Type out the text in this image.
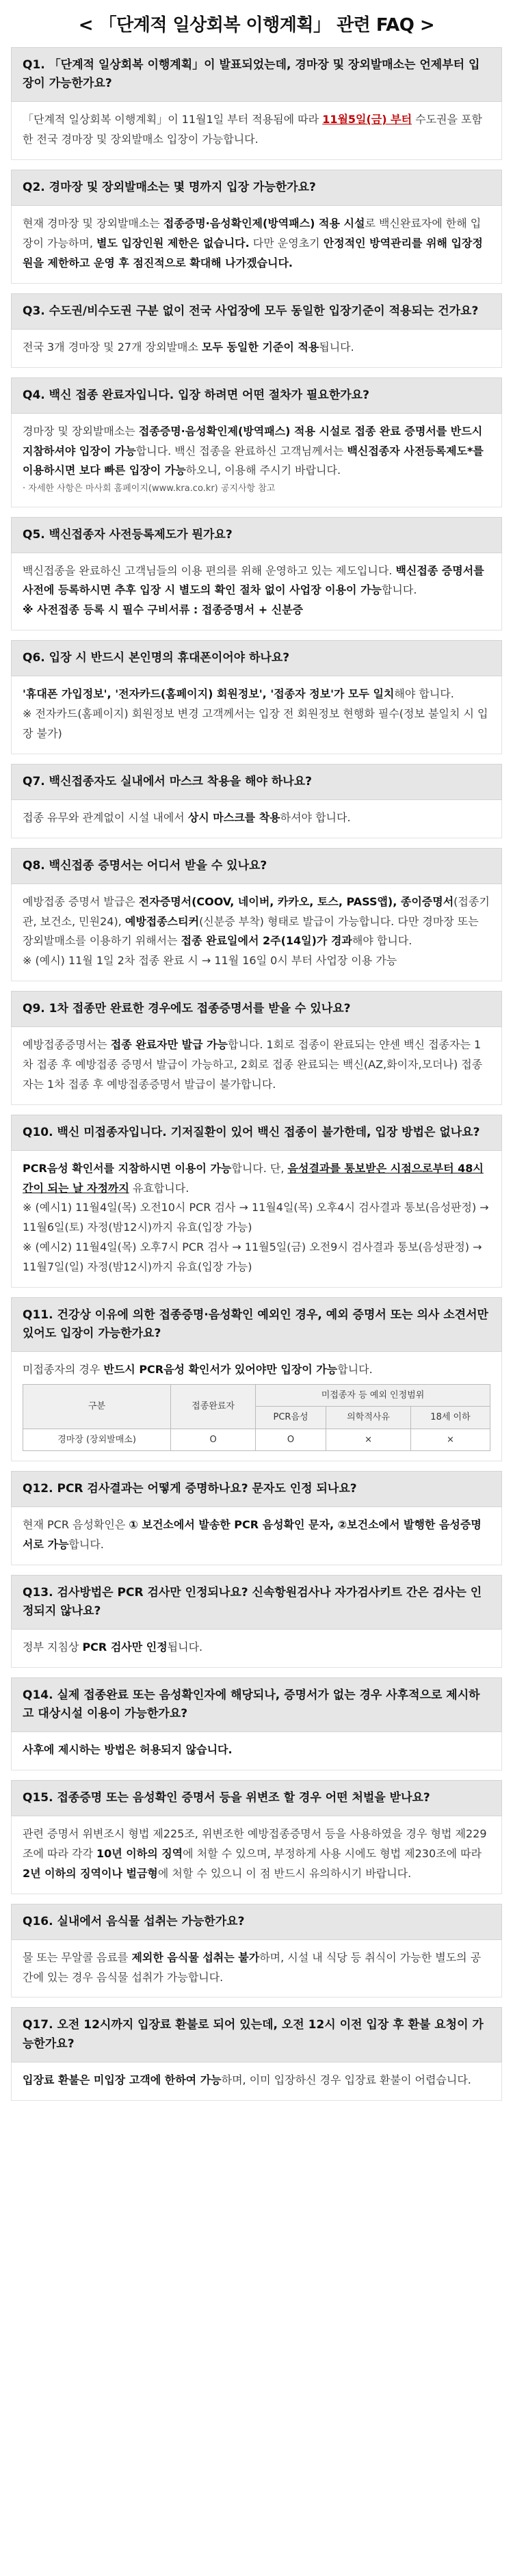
< 「단계적 일상회복 이행계획」 관련 FAQ >
Q1. 「단계적 일상회복 이행계획」이 발표되었는데, 경마장 및 장외발매소는 언제부터 입장이 가능한가요?

「단계적 일상회복 이행계획」이 11월1일 부터 적용됨에 따라 11월5일(금) 부터 수도권을 포함한 전국 경마장 및 장외발매소 입장이 가능합니다.

Q2. 경마장 및 장외발매소는 몇 명까지 입장 가능한가요?

현재 경마장 및 장외발매소는 접종증명·음성확인제(방역패스) 적용 시설로 백신완료자에 한해 입장이 가능하며, 별도 입장인원 제한은 없습니다. 다만 운영초기 안정적인 방역관리를 위해 입장정원을 제한하고 운영 후 점진적으로 확대해 나가겠습니다.

Q3. 수도권/비수도권 구분 없이 전국 사업장에 모두 동일한 입장기준이 적용되는 건가요?

전국 3개 경마장 및 27개 장외발매소 모두 동일한 기준이 적용됩니다.

Q4. 백신 접종 완료자입니다. 입장 하려면 어떤 절차가 필요한가요?

경마장 및 장외발매소는 접종증명·음성확인제(방역패스) 적용 시설로 접종 완료 증명서를 반드시 지참하셔야 입장이 가능합니다. 백신 접종을 완료하신 고객님께서는 백신접종자 사전등록제도*를 이용하시면 보다 빠른 입장이 가능하오니, 이용해 주시기 바랍니다.

· 자세한 사항은 마사회 홈페이지(www.kra.co.kr) 공지사항 참고

Q5. 백신접종자 사전등록제도가 뭔가요?

백신접종을 완료하신 고객님들의 이용 편의를 위해 운영하고 있는 제도입니다. 백신접종 증명서를 사전에 등록하시면 추후 입장 시 별도의 확인 절차 없이 사업장 이용이 가능합니다.

※ 사전접종 등록 시 필수 구비서류 : 접종증명서 + 신분증

Q6. 입장 시 반드시 본인명의 휴대폰이어야 하나요?

'휴대폰 가입정보', '전자카드(홈페이지) 회원정보', '접종자 정보'가 모두 일치해야 합니다.

※ 전자카드(홈페이지) 회원정보 변경 고객께서는 입장 전 회원정보 현행화 필수(정보 불일치 시 입장 불가)

Q7. 백신접종자도 실내에서 마스크 착용을 해야 하나요?

접종 유무와 관계없이 시설 내에서 상시 마스크를 착용하셔야 합니다.

Q8. 백신접종 증명서는 어디서 받을 수 있나요?

예방접종 증명서 발급은 전자증명서(COOV, 네이버, 카카오, 토스, PASS앱), 종이증명서(접종기관, 보건소, 민원24), 예방접종스티커(신분증 부착) 형태로 발급이 가능합니다. 다만 경마장 또는 장외발매소를 이용하기 위해서는 접종 완료일에서 2주(14일)가 경과해야 합니다.

※ (예시) 11월 1일 2차 접종 완료 시 → 11월 16일 0시 부터 사업장 이용 가능

Q9. 1차 접종만 완료한 경우에도 접종증명서를 받을 수 있나요?

예방접종증명서는 접종 완료자만 발급 가능합니다. 1회로 접종이 완료되는 얀센 백신 접종자는 1차 접종 후 예방접종 증명서 발급이 가능하고, 2회로 접종 완료되는 백신(AZ,화이자,모더나) 접종자는 1차 접종 후 예방접종증명서 발급이 불가합니다.

Q10. 백신 미접종자입니다. 기저질환이 있어 백신 접종이 불가한데, 입장 방법은 없나요?

PCR음성 확인서를 지참하시면 이용이 가능합니다. 단, 음성결과를 통보받은 시점으로부터 48시간이 되는 날 자정까지 유효합니다.

※ (예시1) 11월4일(목) 오전10시 PCR 검사 → 11월4일(목) 오후4시 검사결과 통보(음성판정) → 11월6일(토) 자정(밤12시)까지 유효(입장 가능)

※ (예시2) 11월4일(목) 오후7시 PCR 검사 → 11월5일(금) 오전9시 검사결과 통보(음성판정) → 11월7일(일) 자정(밤12시)까지 유효(입장 가능)

Q11. 건강상 이유에 의한 접종증명·음성확인 예외인 경우, 예외 증명서 또는 의사 소견서만 있어도 입장이 가능한가요?

미접종자의 경우 반드시 PCR음성 확인서가 있어야만 입장이 가능합니다.

구분	접종완료자	미접종자 등 예외 인정범위		
		PCR음성	의학적사유	18세 이하
경마장 (장외발매소)	O	O	×	×
Q12. PCR 검사결과는 어떻게 증명하나요? 문자도 인정 되나요?

현재 PCR 음성확인은 ① 보건소에서 발송한 PCR 음성확인 문자, ②보건소에서 발행한 음성증명서로 가능합니다.

Q13. 검사방법은 PCR 검사만 인정되나요? 신속항원검사나 자가검사키트 간은 검사는 인정되지 않나요?

정부 지침상 PCR 검사만 인정됩니다.

Q14. 실제 접종완료 또는 음성확인자에 해당되나, 증명서가 없는 경우 사후적으로 제시하고 대상시설 이용이 가능한가요?

사후에 제시하는 방법은 허용되지 않습니다.

Q15. 접종증명 또는 음성확인 증명서 등을 위변조 할 경우 어떤 처벌을 받나요?

관련 증명서 위변조시 형법 제225조, 위변조한 예방접종증명서 등을 사용하였을 경우 형법 제229조에 따라 각각 10년 이하의 징역에 처할 수 있으며, 부정하게 사용 시에도 형법 제230조에 따라 2년 이하의 징역이나 벌금형에 처할 수 있으니 이 점 반드시 유의하시기 바랍니다.

Q16. 실내에서 음식물 섭취는 가능한가요?

물 또는 무알콜 음료를 제외한 음식물 섭취는 불가하며, 시설 내 식당 등 취식이 가능한 별도의 공간에 있는 경우 음식물 섭취가 가능합니다.

Q17. 오전 12시까지 입장료 환불로 되어 있는데, 오전 12시 이전 입장 후 환불 요청이 가능한가요?

입장료 환불은 미입장 고객에 한하여 가능하며, 이미 입장하신 경우 입장료 환불이 어렵습니다.
